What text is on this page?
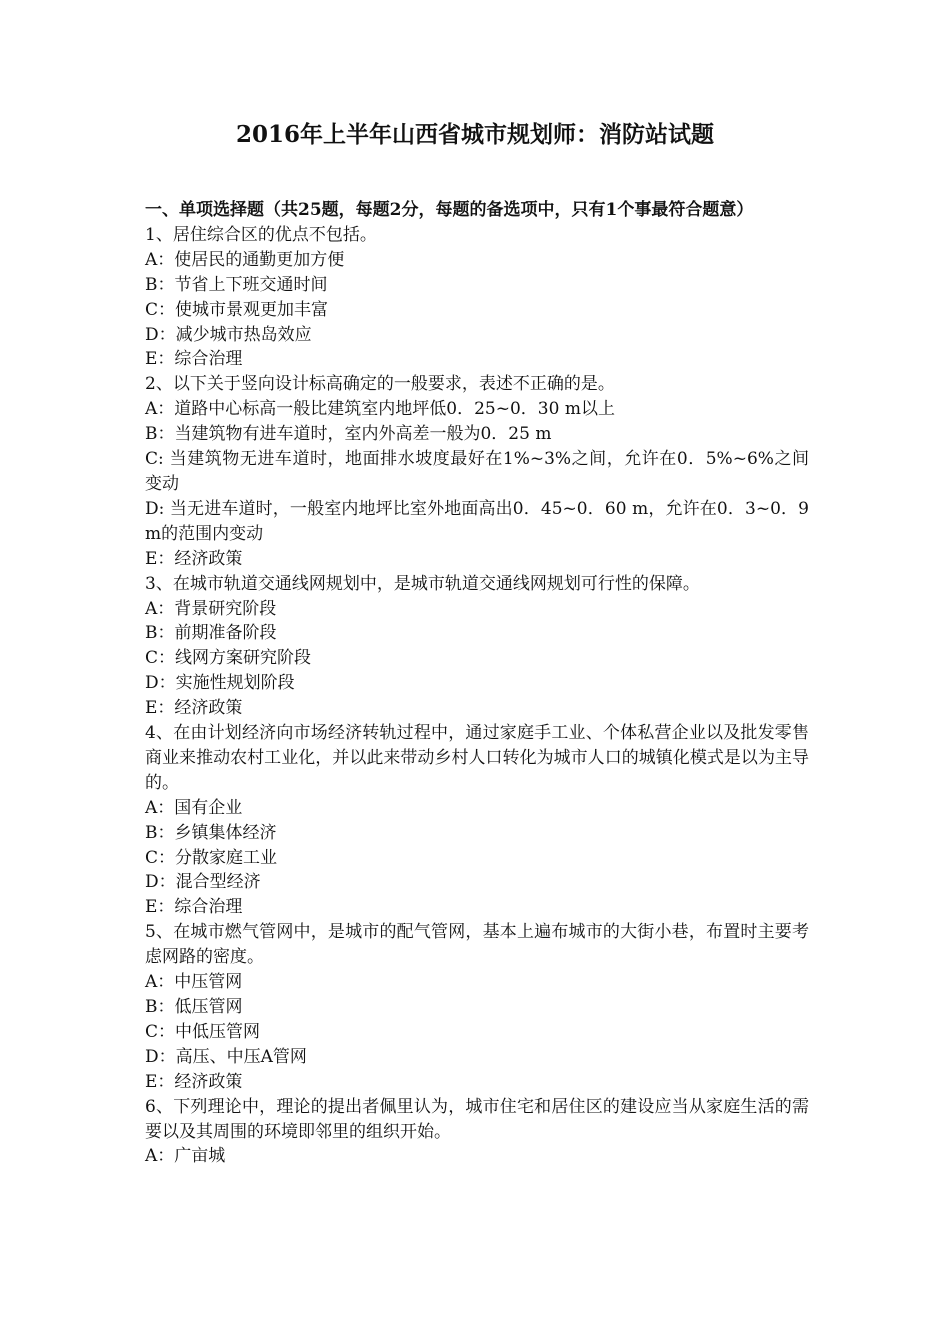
2016年上半年山西省城市规划师：消防站试题

一、单项选择题（共25题，每题2分，每题的备选项中，只有1个事最符合题意）

1、居住综合区的优点不包括。

A：使居民的通勤更加方便

B：节省上下班交通时间

C：使城市景观更加丰富

D：减少城市热岛效应

E：综合治理

2、以下关于竖向设计标高确定的一般要求，表述不正确的是。

A：道路中心标高一般比建筑室内地坪低0．25~0．30 m以上

B：当建筑物有进车道时，室内外高差一般为0．25 m

C: 当建筑物无进车道时，地面排水坡度最好在1%~3%之间，允许在0．5%~6%之间变动

D: 当无进车道时，一般室内地坪比室外地面高出0．45~0．60 m，允许在0．3~0．9 m的范围内变动

E：经济政策

3、在城市轨道交通线网规划中，是城市轨道交通线网规划可行性的保障。

A：背景研究阶段

B：前期准备阶段

C：线网方案研究阶段

D：实施性规划阶段

E：经济政策

4、在由计划经济向市场经济转轨过程中，通过家庭手工业、个体私营企业以及批发零售商业来推动农村工业化，并以此来带动乡村人口转化为城市人口的城镇化模式是以为主导的。

A：国有企业

B：乡镇集体经济

C：分散家庭工业

D：混合型经济

E：综合治理

5、在城市燃气管网中，是城市的配气管网，基本上遍布城市的大街小巷，布置时主要考虑网路的密度。

A：中压管网

B：低压管网

C：中低压管网

D：高压、中压A管网

E：经济政策

6、下列理论中，理论的提出者佩里认为，城市住宅和居住区的建设应当从家庭生活的需要以及其周围的环境即邻里的组织开始。

A：广亩城
